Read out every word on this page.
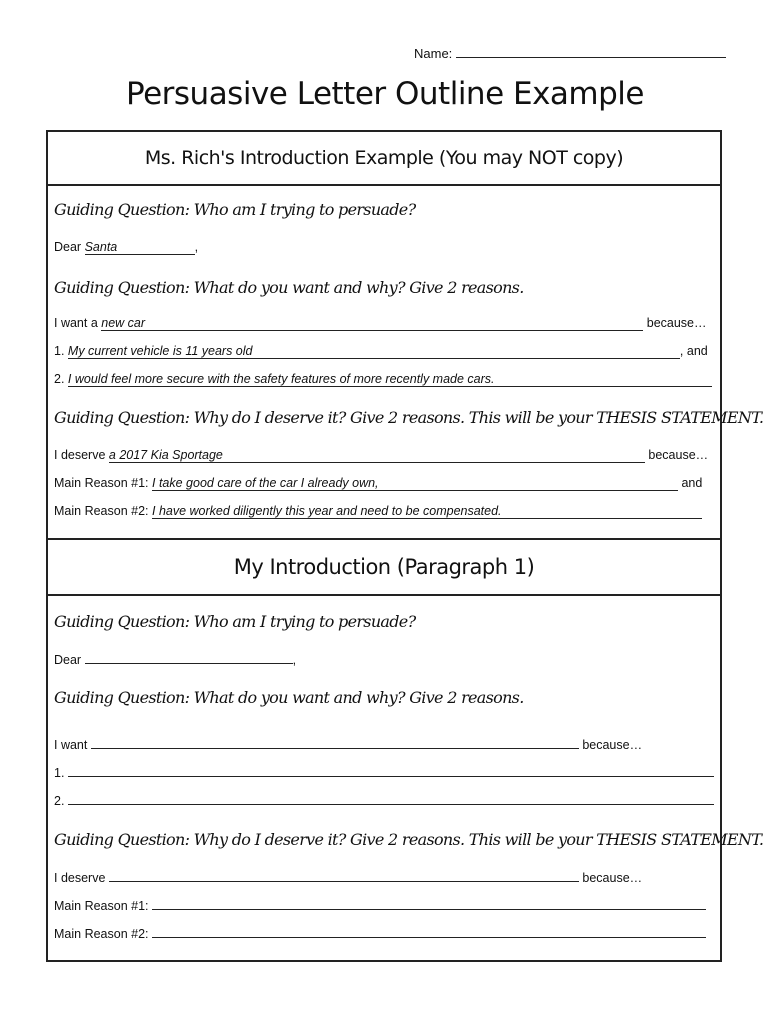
Name:
Persuasive Letter Outline Example
Ms. Rich's Introduction Example (You may NOT copy)
Guiding Question: Who am I trying to persuade?
Dear Santa	,
Guiding Question: What do you want and why? Give 2 reasons.
I want a new car	because…
1. My current vehicle is 11 years old	, and
2. I would feel more secure with the safety features of more recently made cars.
Guiding Question: Why do I deserve it? Give 2 reasons. This will be your THESIS STATEMENT.
I deserve a 2017 Kia Sportage	because…
Main Reason #1: I take good care of the car I already own,	and
Main Reason #2: I have worked diligently this year and need to be compensated.
My Introduction (Paragraph 1)
Guiding Question: Who am I trying to persuade?
Dear	,
Guiding Question: What do you want and why? Give 2 reasons.
I want	because…
1.
2.
Guiding Question: Why do I deserve it? Give 2 reasons. This will be your THESIS STATEMENT.
I deserve	because…
Main Reason #1:
Main Reason #2:
